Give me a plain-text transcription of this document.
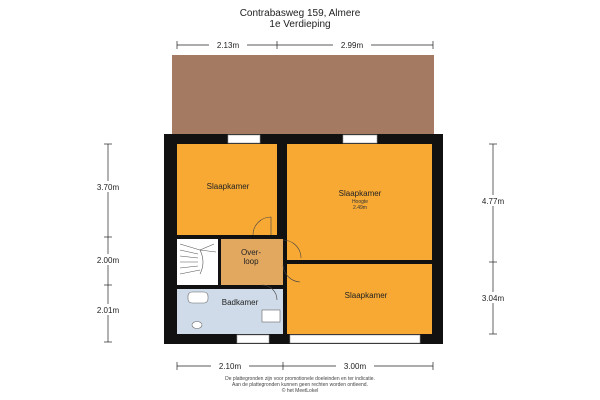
Contrabasweg 159, Almere
1e Verdieping
2.13m	2.99m
2.10m	3.00m
3.70m
2.00m
2.01m
4.77m
3.04m
Slaapkamer
Slaapkamer
Hoogte
2.49m
Slaapkamer
Over-
loop
Badkamer
De plattegronden zijn voor promotionele doeleinden en ter indicatie.
Aan de plattegronden kunnen geen rechten worden ontleend.
© het MeetLokel
